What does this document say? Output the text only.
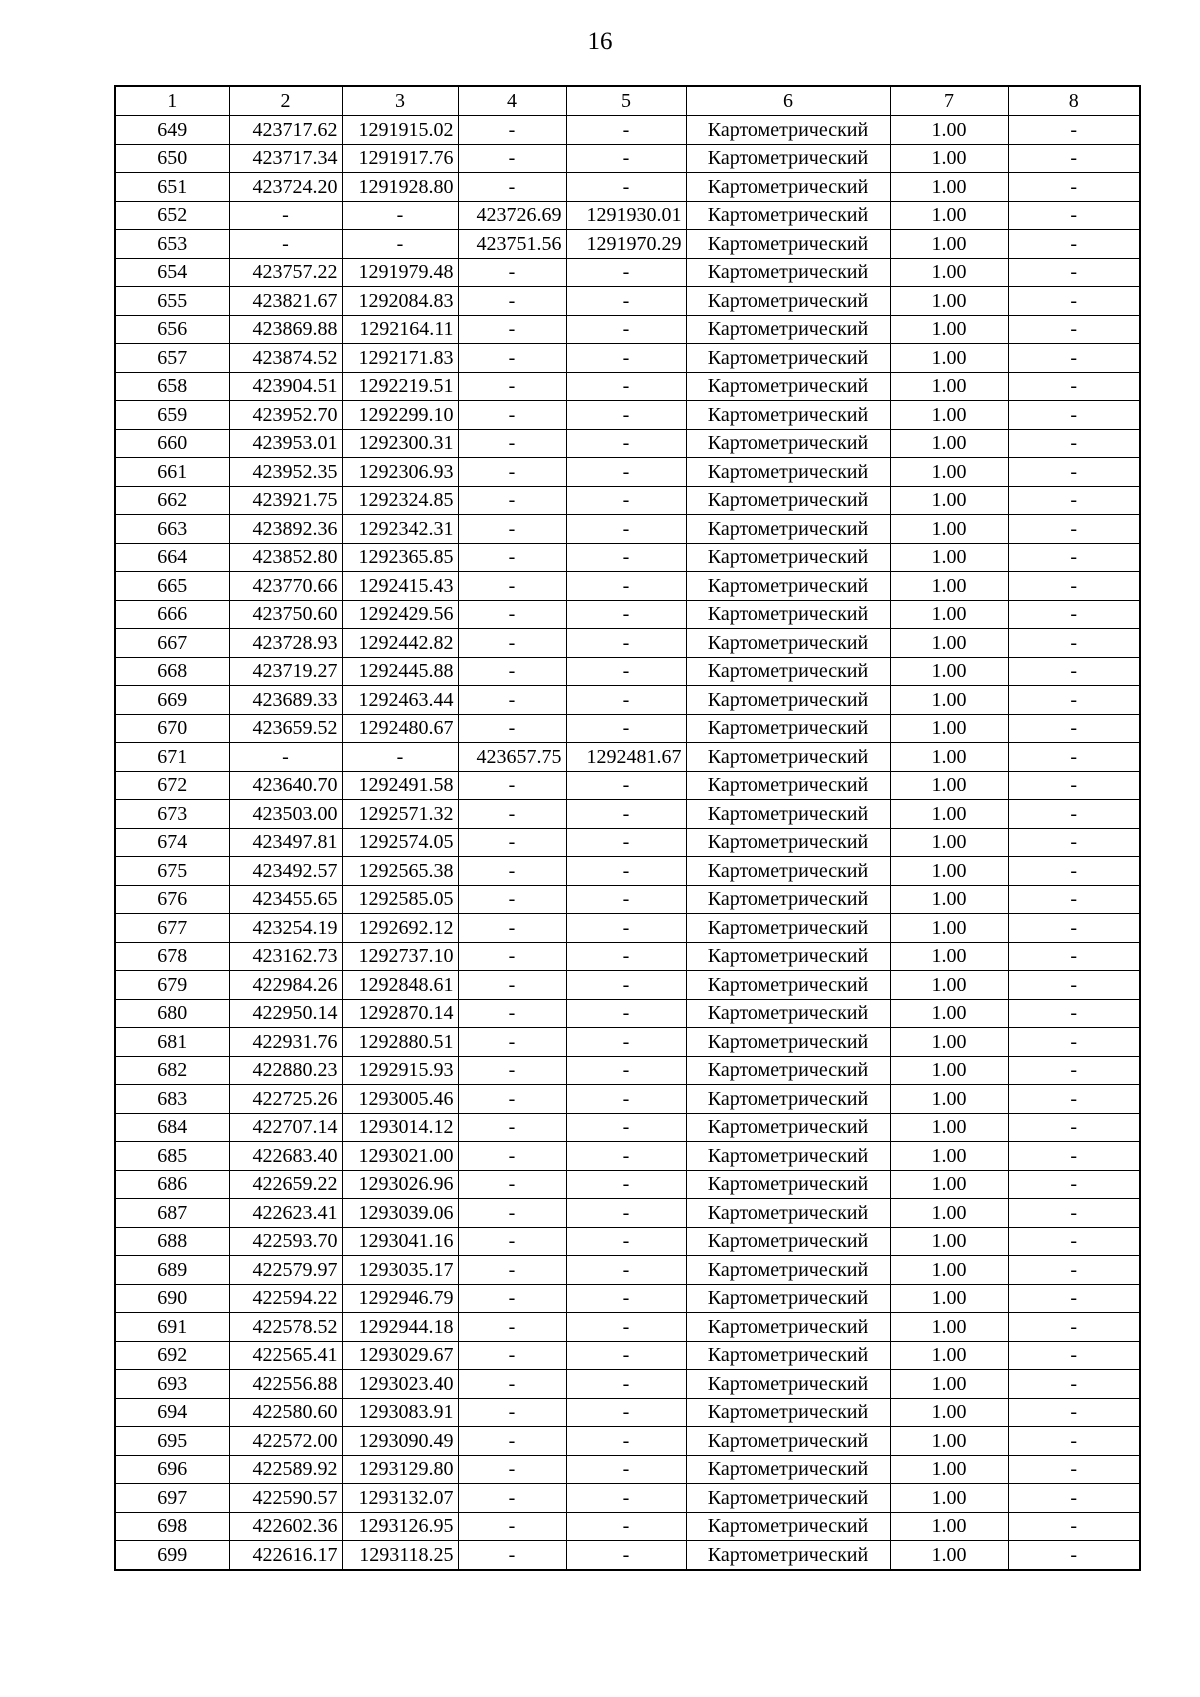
16
1	2	3	4	5	6	7	8
649	423717.62	1291915.02	-	-	Картометрический	1.00	-
650	423717.34	1291917.76	-	-	Картометрический	1.00	-
651	423724.20	1291928.80	-	-	Картометрический	1.00	-
652	-	-	423726.69	1291930.01	Картометрический	1.00	-
653	-	-	423751.56	1291970.29	Картометрический	1.00	-
654	423757.22	1291979.48	-	-	Картометрический	1.00	-
655	423821.67	1292084.83	-	-	Картометрический	1.00	-
656	423869.88	1292164.11	-	-	Картометрический	1.00	-
657	423874.52	1292171.83	-	-	Картометрический	1.00	-
658	423904.51	1292219.51	-	-	Картометрический	1.00	-
659	423952.70	1292299.10	-	-	Картометрический	1.00	-
660	423953.01	1292300.31	-	-	Картометрический	1.00	-
661	423952.35	1292306.93	-	-	Картометрический	1.00	-
662	423921.75	1292324.85	-	-	Картометрический	1.00	-
663	423892.36	1292342.31	-	-	Картометрический	1.00	-
664	423852.80	1292365.85	-	-	Картометрический	1.00	-
665	423770.66	1292415.43	-	-	Картометрический	1.00	-
666	423750.60	1292429.56	-	-	Картометрический	1.00	-
667	423728.93	1292442.82	-	-	Картометрический	1.00	-
668	423719.27	1292445.88	-	-	Картометрический	1.00	-
669	423689.33	1292463.44	-	-	Картометрический	1.00	-
670	423659.52	1292480.67	-	-	Картометрический	1.00	-
671	-	-	423657.75	1292481.67	Картометрический	1.00	-
672	423640.70	1292491.58	-	-	Картометрический	1.00	-
673	423503.00	1292571.32	-	-	Картометрический	1.00	-
674	423497.81	1292574.05	-	-	Картометрический	1.00	-
675	423492.57	1292565.38	-	-	Картометрический	1.00	-
676	423455.65	1292585.05	-	-	Картометрический	1.00	-
677	423254.19	1292692.12	-	-	Картометрический	1.00	-
678	423162.73	1292737.10	-	-	Картометрический	1.00	-
679	422984.26	1292848.61	-	-	Картометрический	1.00	-
680	422950.14	1292870.14	-	-	Картометрический	1.00	-
681	422931.76	1292880.51	-	-	Картометрический	1.00	-
682	422880.23	1292915.93	-	-	Картометрический	1.00	-
683	422725.26	1293005.46	-	-	Картометрический	1.00	-
684	422707.14	1293014.12	-	-	Картометрический	1.00	-
685	422683.40	1293021.00	-	-	Картометрический	1.00	-
686	422659.22	1293026.96	-	-	Картометрический	1.00	-
687	422623.41	1293039.06	-	-	Картометрический	1.00	-
688	422593.70	1293041.16	-	-	Картометрический	1.00	-
689	422579.97	1293035.17	-	-	Картометрический	1.00	-
690	422594.22	1292946.79	-	-	Картометрический	1.00	-
691	422578.52	1292944.18	-	-	Картометрический	1.00	-
692	422565.41	1293029.67	-	-	Картометрический	1.00	-
693	422556.88	1293023.40	-	-	Картометрический	1.00	-
694	422580.60	1293083.91	-	-	Картометрический	1.00	-
695	422572.00	1293090.49	-	-	Картометрический	1.00	-
696	422589.92	1293129.80	-	-	Картометрический	1.00	-
697	422590.57	1293132.07	-	-	Картометрический	1.00	-
698	422602.36	1293126.95	-	-	Картометрический	1.00	-
699	422616.17	1293118.25	-	-	Картометрический	1.00	-
